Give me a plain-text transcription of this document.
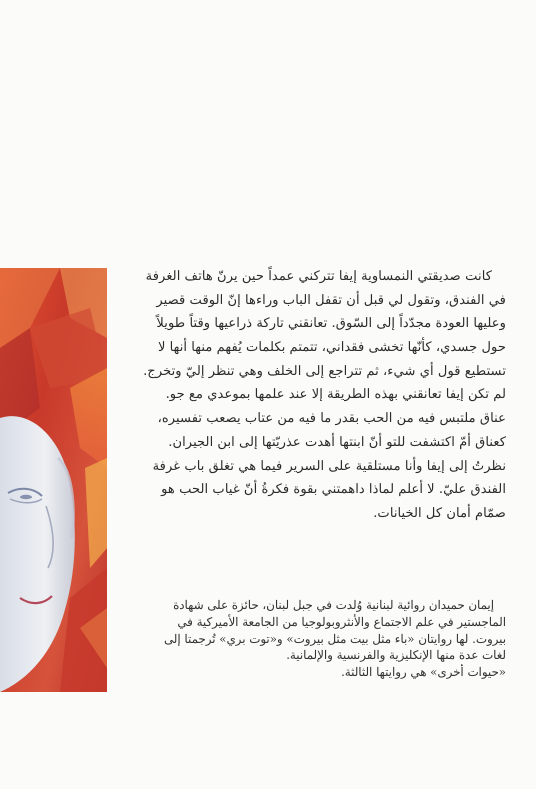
كانت صديقتي النمساوية إيفا تتركني عمداً حين يرنّ هاتف الغرفة
في الفندق، وتقول لي قبل أن تقفل الباب وراءها إنّ الوقت قصير
وعليها العودة مجدّداً إلى السّوق. تعانقني تاركة ذراعيها وقتاً طويلاً
حول جسدي، كأنّها تخشى فقداني، تتمتم بكلمات يُفهم منها أنها لا
تستطيع قول أي شيء، ثم تتراجع إلى الخلف وهي تنظر إليّ وتخرج.
لم تكن إيفا تعانقني بهذه الطريقة إلا عند علمها بموعدي مع جو.
عناق ملتبس فيه من الحب بقدر ما فيه من عتاب يصعب تفسيره،
كعناق أمّ اكتشفت للتو أنّ ابنتها أهدت عذريّتها إلى ابن الجيران.
نظرتُ إلى إيفا وأنا مستلقية على السرير فيما هي تغلق باب غرفة
الفندق عليّ. لا أعلم لماذا داهمتني بقوة فكرةُ أنّ غياب الحب هو
صمّام أمان كل الخيانات.
إيمان حميدان روائية لبنانية وُلدت في جبل لبنان، حائزة على شهادة
الماجستير في علم الاجتماع والأنثروبولوجيا من الجامعة الأميركية في
بيروت. لها روايتان «باء مثل بيت مثل بيروت» و«توت بري» تُرجمتا إلى
لغات عدة منها الإنكليزية والفرنسية والإلمانية.
«حيوات أخرى» هي روايتها الثالثة.
